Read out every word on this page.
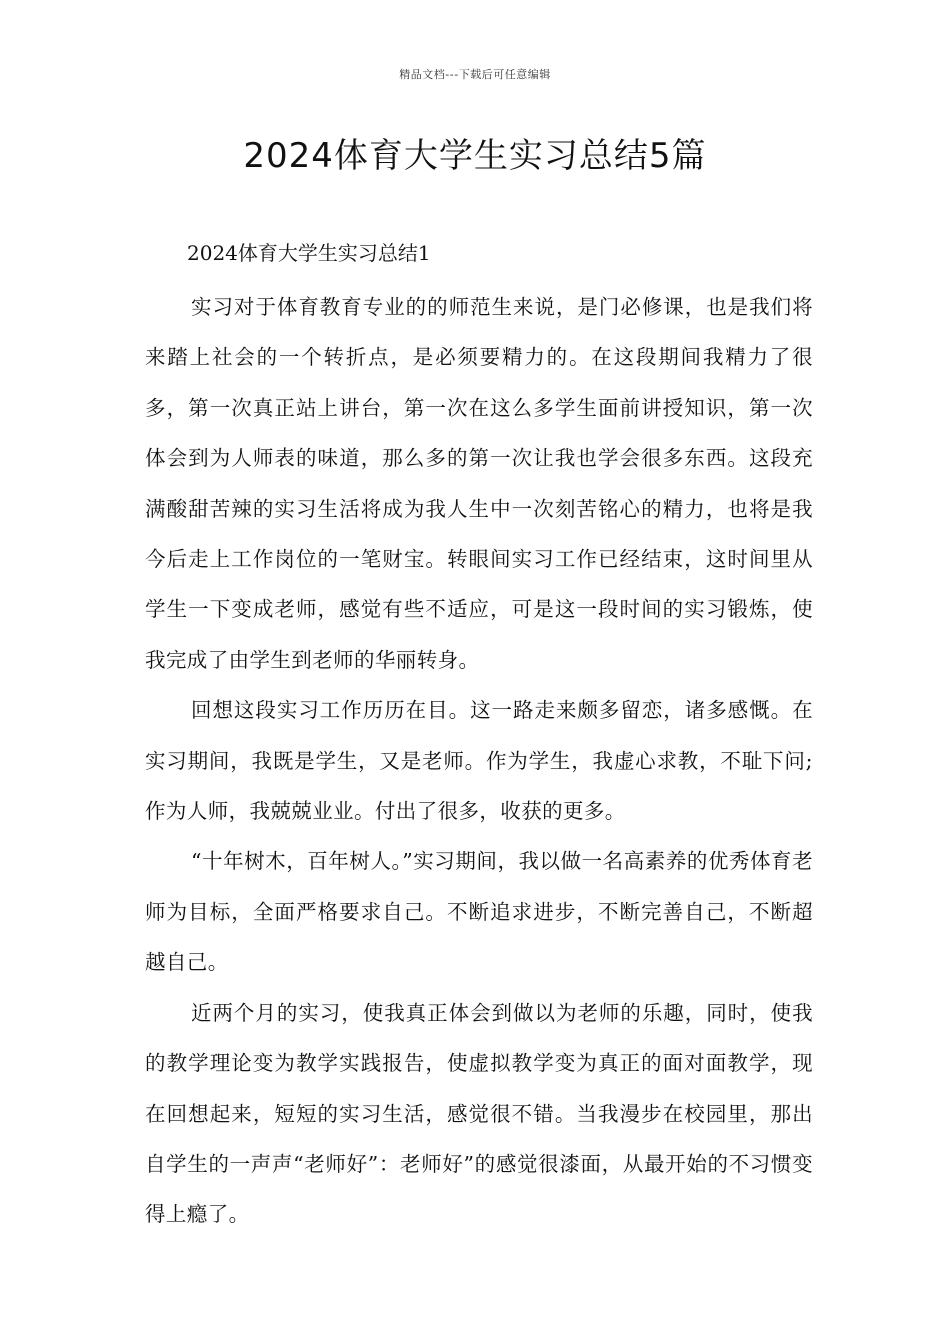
精品文档---下载后可任意编辑
2024体育大学生实习总结5篇

2024体育大学生实习总结1

实习对于体育教育专业的的师范生来说，是门必修课，也是我们将来踏上社会的一个转折点，是必须要精力的。在这段期间我精力了很多，第一次真正站上讲台，第一次在这么多学生面前讲授知识，第一次体会到为人师表的味道，那么多的第一次让我也学会很多东西。这段充满酸甜苦辣的实习生活将成为我人生中一次刻苦铭心的精力，也将是我今后走上工作岗位的一笔财宝。转眼间实习工作已经结束，这时间里从学生一下变成老师，感觉有些不适应，可是这一段时间的实习锻炼，使我完成了由学生到老师的华丽转身。

回想这段实习工作历历在目。这一路走来颇多留恋，诸多感慨。在实习期间，我既是学生，又是老师。作为学生，我虚心求教，不耻下问;作为人师，我兢兢业业。付出了很多，收获的更多。

“十年树木，百年树人。”实习期间，我以做一名高素养的优秀体育老师为目标，全面严格要求自己。不断追求进步，不断完善自己，不断超越自己。

近两个月的实习，使我真正体会到做以为老师的乐趣，同时，使我的教学理论变为教学实践报告，使虚拟教学变为真正的面对面教学，现在回想起来，短短的实习生活，感觉很不错。当我漫步在校园里，那出自学生的一声声“老师好”：老师好”的感觉很漆面，从最开始的不习惯变得上瘾了。
